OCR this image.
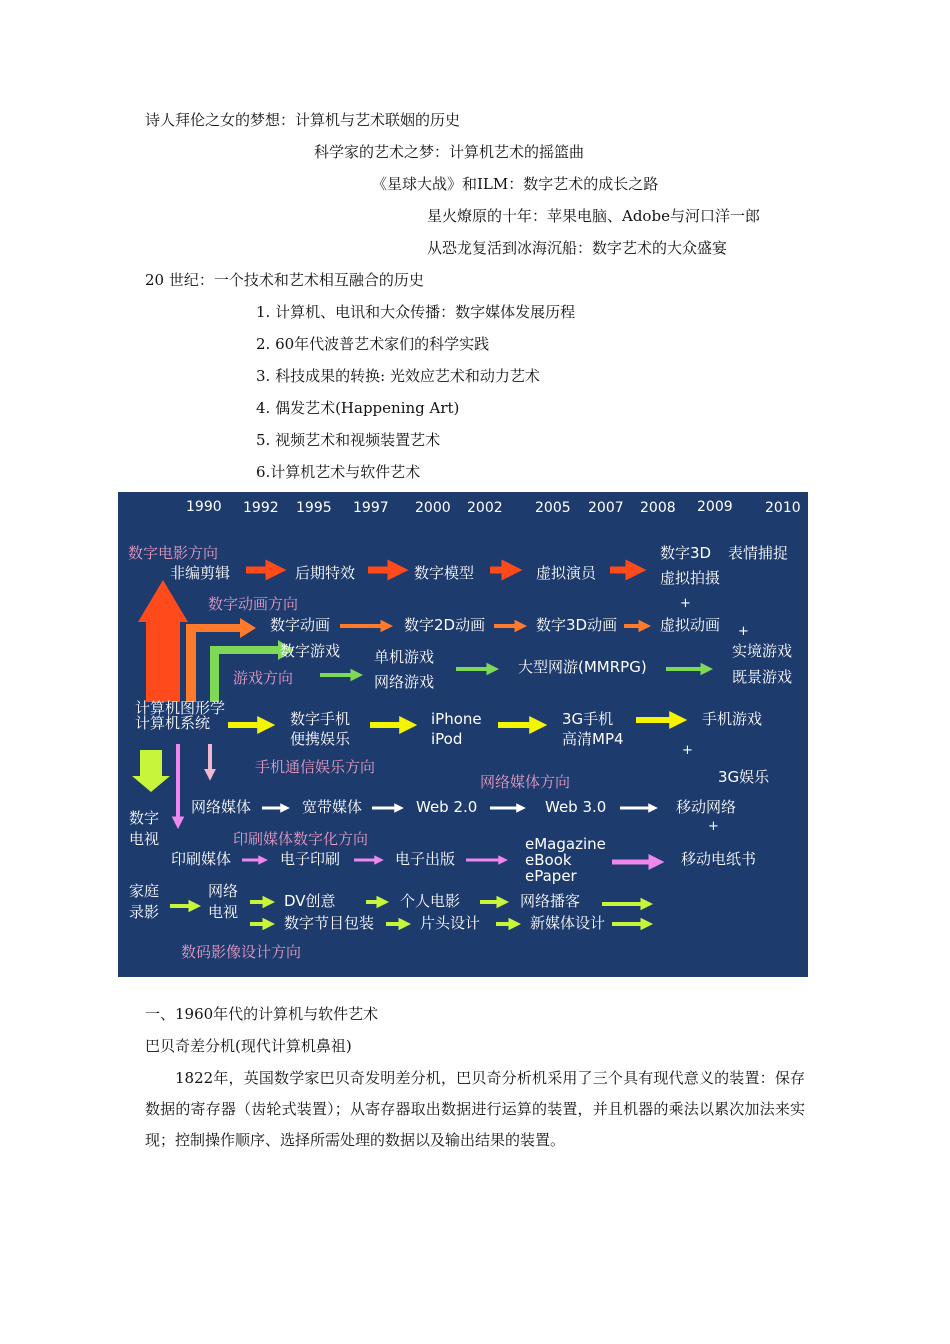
诗人拜伦之女的梦想：计算机与艺术联姻的历史
科学家的艺术之梦：计算机艺术的摇篮曲
《星球大战》和ILM：数字艺术的成长之路
星火燎原的十年：苹果电脑、Adobe与河口洋一郎
从恐龙复活到冰海沉船：数字艺术的大众盛宴
20 世纪：一个技术和艺术相互融合的历史
1. 计算机、电讯和大众传播：数字媒体发展历程
2. 60年代波普艺术家们的科学实践
3. 科技成果的转换: 光效应艺术和动力艺术
4. 偶发艺术(Happening Art)
5. 视频艺术和视频装置艺术
6.计算机艺术与软件艺术
1990 1992 1995 1997 2000 2002 2005 2007 2008 2009 2010
数字电影方向
数字动画方向
游戏方向
手机通信娱乐方向
网络媒体方向
印刷媒体数字化方向
数码影像设计方向
非编剪辑	后期特效	数字模型	虚拟演员
数字3D 表情捕捉
虚拟拍摄
+
数字动画	数字2D动画	数字3D动画	虚拟动画 +
数字游戏 单机游戏
网络游戏
大型网游(MMRPG)
实境游戏
既景游戏
计算机图形学
计算机系统	数字手机
便携娱乐
iPhone
iPod
3G手机
高清MP4
手机游戏
+
3G娱乐
数字
电视
网络媒体	宽带媒体	Web 2.0	Web 3.0	移动网络
+
印刷媒体	电子印刷	电子出版
eMagazine
eBook
ePaper
移动电纸书
家庭
录影
网络
电视
DV创意	个人电影	网络播客
数字节目包装	片头设计	新媒体设计
一、1960年代的计算机与软件艺术
巴贝奇差分机(现代计算机鼻祖)
1822年，英国数学家巴贝奇发明差分机，巴贝奇分析机采用了三个具有现代意义的装置：保存数据的寄存器（齿轮式装置）；从寄存器取出数据进行运算的装置，并且机器的乘法以累次加法来实现；控制操作顺序、选择所需处理的数据以及输出结果的装置。
